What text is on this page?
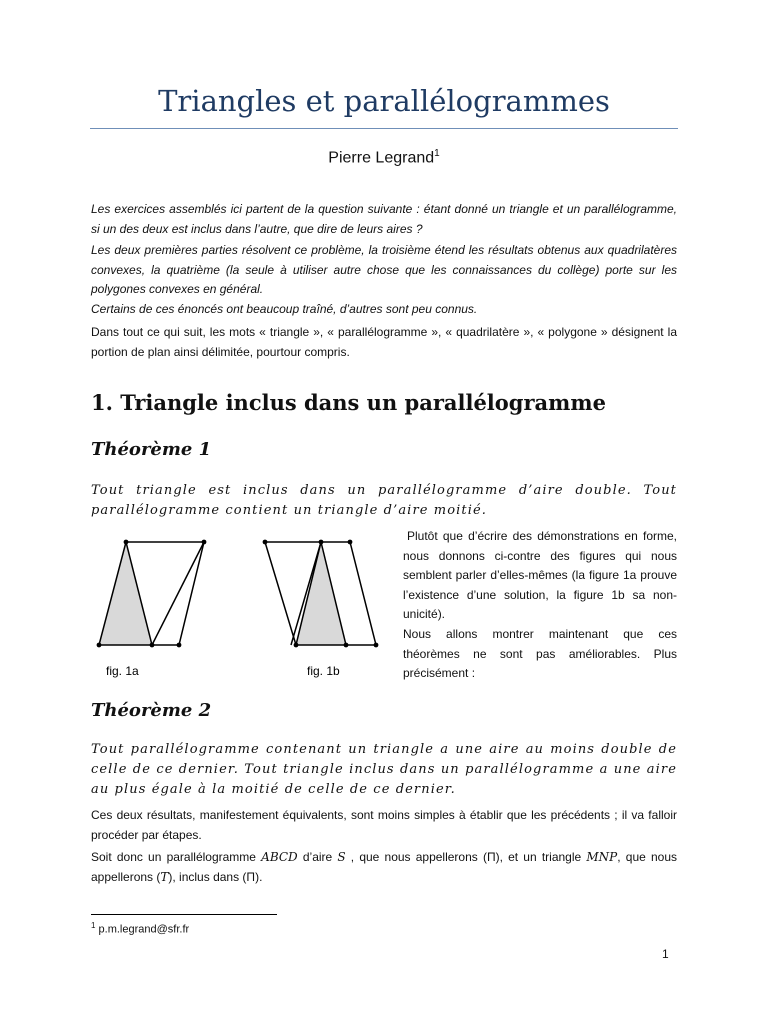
Triangles et parallélogrammes
Pierre Legrand$^1$
Les exercices assemblés ici partent de la question suivante : étant donné un triangle et un parallélogramme, si un des deux est inclus dans l’autre, que dire de leurs aires ?
Les deux premières parties résolvent ce problème, la troisième étend les résultats obtenus aux quadrilatères convexes, la quatrième (la seule à utiliser autre chose que les connaissances du collège) porte sur les polygones convexes en général.
Certains de ces énoncés ont beaucoup traîné, d’autres sont peu connus.
Dans tout ce qui suit, les mots « triangle », « parallélogramme », « quadrilatère », « polygone » désignent la portion de plan ainsi délimitée, pourtour compris.
1. Triangle inclus dans un parallélogramme
Théorème 1
Tout triangle est inclus dans un parallélogramme d’aire double. Tout parallélogramme contient un triangle d’aire moitié.
fig. 1a	fig. 1b
Plutôt que d’écrire des démonstrations en forme, nous donnons ci-contre des figures qui nous semblent parler d’elles-mêmes (la figure 1a prouve l’existence d’une solution, la figure 1b sa non-unicité).
Nous allons montrer maintenant que ces théorèmes ne sont pas améliorables. Plus précisément :
Théorème 2
Tout parallélogramme contenant un triangle a une aire au moins double de celle de ce dernier. Tout triangle inclus dans un parallélogramme a une aire au plus égale à la moitié de celle de ce dernier.
Ces deux résultats, manifestement équivalents, sont moins simples à établir que les précédents ; il va falloir procéder par étapes.
Soit donc un parallélogramme ABCD d’aire S , que nous appellerons (Π), et un triangle MNP, que nous appellerons (T), inclus dans (Π).
$^1$ p.m.legrand@sfr.fr
1
